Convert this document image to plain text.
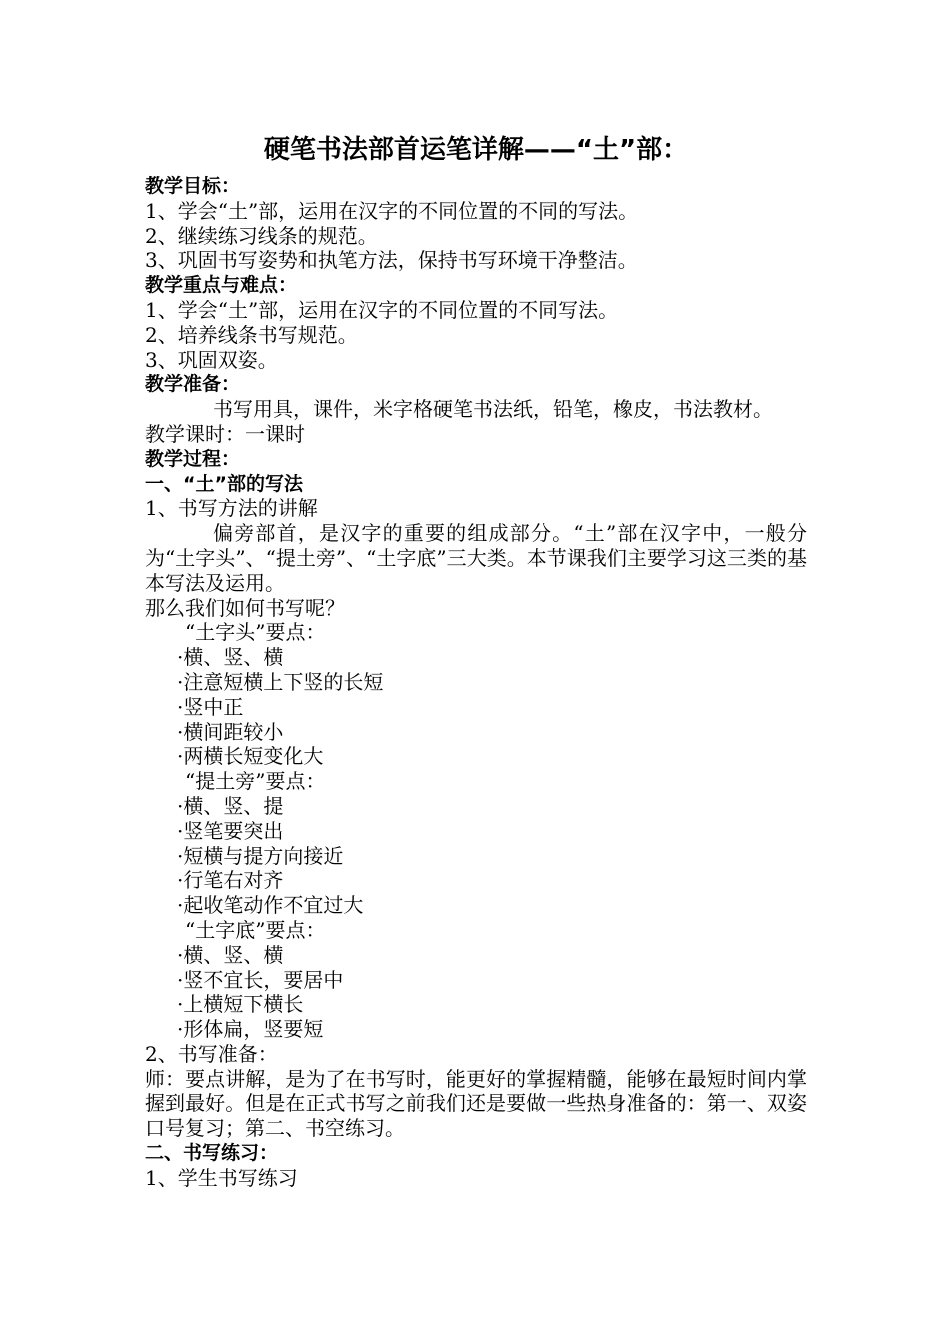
硬笔书法部首运笔详解——“土”部：

教学目标：

1、学会“土”部，运用在汉字的不同位置的不同的写法。

2、继续练习线条的规范。

3、巩固书写姿势和执笔方法，保持书写环境干净整洁。

教学重点与难点：

1、学会“土”部，运用在汉字的不同位置的不同写法。

2、培养线条书写规范。

3、巩固双姿。

教学准备：

书写用具，课件，米字格硬笔书法纸，铅笔，橡皮，书法教材。

教学课时：一课时

教学过程：

一、“土”部的写法

1、书写方法的讲解

偏旁部首，是汉字的重要的组成部分。“土”部在汉字中，一般分为“土字头”、“提土旁”、“土字底”三大类。本节课我们主要学习这三类的基本写法及运用。

那么我们如何书写呢？

“土字头”要点：

·横、竖、横

·注意短横上下竖的长短

·竖中正

·横间距较小

·两横长短变化大

“提土旁”要点：

·横、竖、提

·竖笔要突出

·短横与提方向接近

·行笔右对齐

·起收笔动作不宜过大

“土字底”要点：

·横、竖、横

·竖不宜长，要居中

·上横短下横长

·形体扁，竖要短

2、书写准备：

师：要点讲解，是为了在书写时，能更好的掌握精髓，能够在最短时间内掌握到最好。但是在正式书写之前我们还是要做一些热身准备的：第一、双姿口号复习；第二、书空练习。

二、书写练习：

1、学生书写练习
